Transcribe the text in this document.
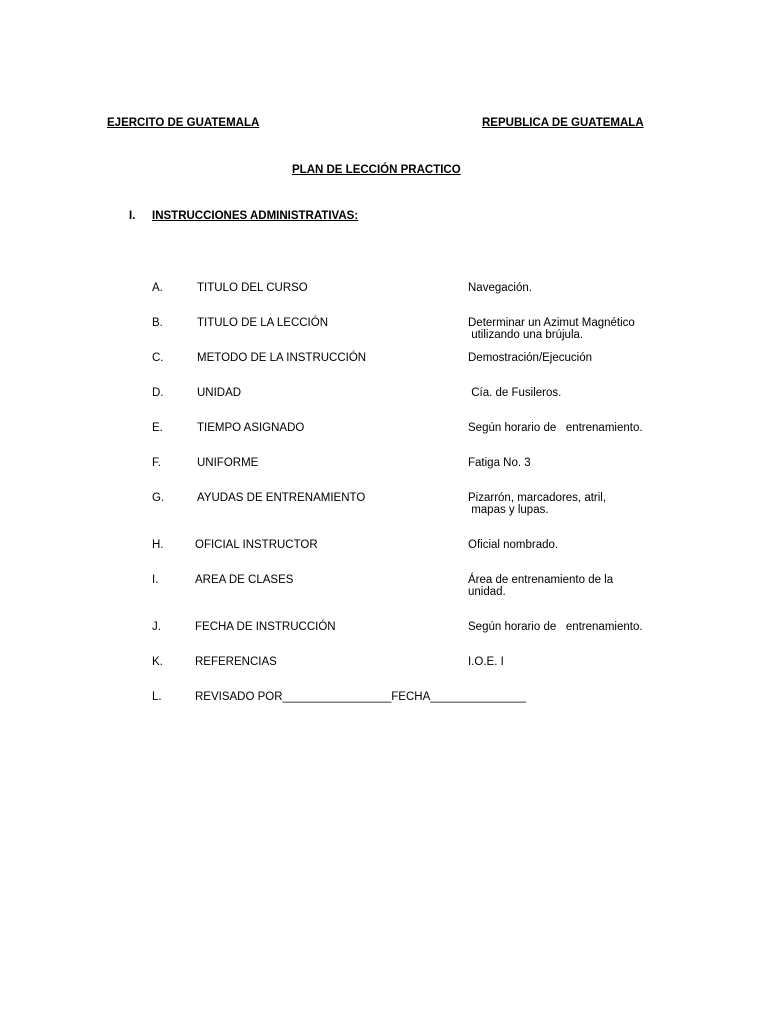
EJERCITO DE GUATEMALA	REPUBLICA DE GUATEMALA
PLAN DE LECCIÓN PRACTICO
I. INSTRUCCIONES ADMINISTRATIVAS:
A.	TITULO DEL CURSO	Navegación.
B.	TITULO DE LA LECCIÓN	Determinar un Azimut Magnético
utilizando una brújula.
C.	METODO DE LA INSTRUCCIÓN	Demostración/Ejecución
D.	UNIDAD	Cía. de Fusileros.
E.	TIEMPO ASIGNADO	Según horario de   entrenamiento.
F.	UNIFORME	Fatiga No. 3
G.	AYUDAS DE ENTRENAMIENTO	Pizarrón, marcadores, atril,
mapas y lupas.
H.	OFICIAL INSTRUCTOR	Oficial nombrado.
I.	AREA DE CLASES	Área de entrenamiento de la
unidad.
J.	FECHA DE INSTRUCCIÓN	Según horario de   entrenamiento.
K.	REFERENCIAS	I.O.E. I
L.	REVISADO POR_________________FECHA_______________
